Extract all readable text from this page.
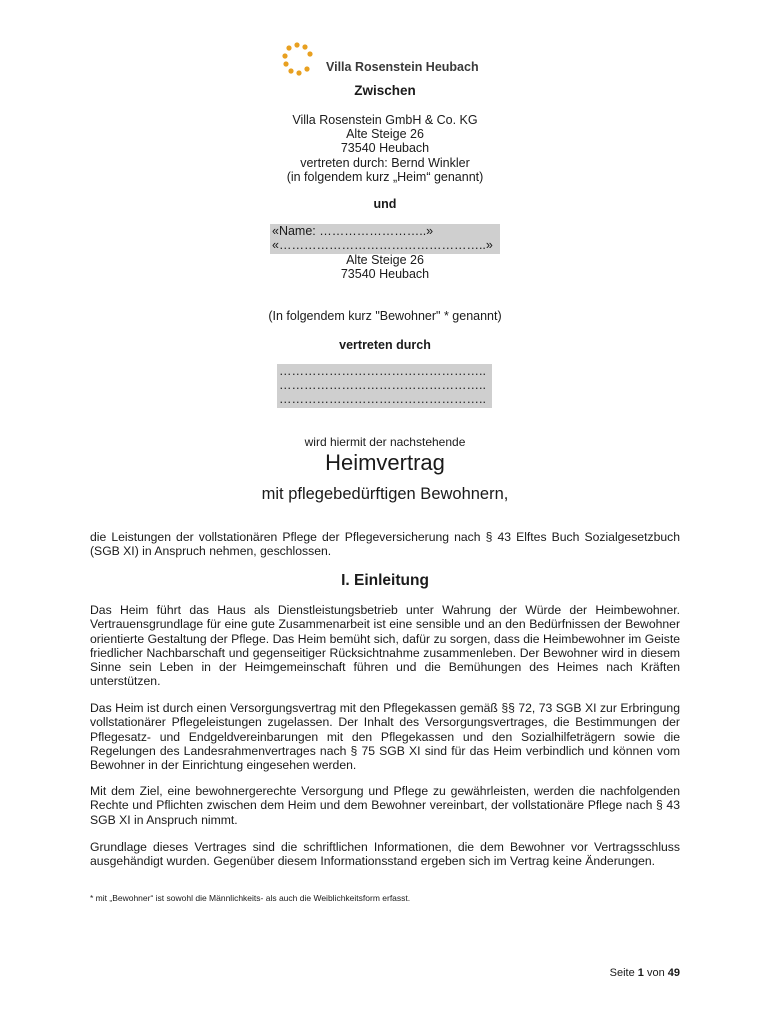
Villa Rosenstein Heubach
Zwischen
Villa Rosenstein GmbH & Co. KG
Alte Steige 26
73540 Heubach
vertreten durch: Bernd Winkler
(in folgendem kurz „Heim“ genannt)
und
«Name: ……………………..»
«…………………………………………..»
Alte Steige 26
73540 Heubach
(In folgendem kurz "Bewohner" * genannt)
vertreten durch
…………………………………………..
…………………………………………..
…………………………………………..
wird hiermit der nachstehende
Heimvertrag
mit pflegebedürftigen Bewohnern,
die Leistungen der vollstationären Pflege der Pflegeversicherung nach § 43 Elftes Buch Sozialgesetzbuch (SGB XI) in Anspruch nehmen, geschlossen.
I. Einleitung
Das Heim führt das Haus als Dienstleistungsbetrieb unter Wahrung der Würde der Heimbewohner. Vertrauensgrundlage für eine gute Zusammenarbeit ist eine sensible und an den Bedürfnissen der Bewohner orientierte Gestaltung der Pflege. Das Heim bemüht sich, dafür zu sorgen, dass die Heimbewohner im Geiste friedlicher Nachbarschaft und gegenseitiger Rücksichtnahme zusammenleben. Der Bewohner wird in diesem Sinne sein Leben in der Heimgemeinschaft führen und die Bemühungen des Heimes nach Kräften unterstützen.
Das Heim ist durch einen Versorgungsvertrag mit den Pflegekassen gemäß §§ 72, 73 SGB XI zur Erbringung vollstationärer Pflegeleistungen zugelassen. Der Inhalt des Versorgungsvertrages, die Bestimmungen der Pflegesatz- und Endgeldvereinbarungen mit den Pflegekassen und den Sozialhilfeträgern sowie die Regelungen des Landesrahmenvertrages nach § 75 SGB XI sind für das Heim verbindlich und können vom Bewohner in der Einrichtung eingesehen werden.
Mit dem Ziel, eine bewohnergerechte Versorgung und Pflege zu gewährleisten, werden die nachfolgenden Rechte und Pflichten zwischen dem Heim und dem Bewohner vereinbart, der vollstationäre Pflege nach § 43 SGB XI in Anspruch nimmt.
Grundlage dieses Vertrages sind die schriftlichen Informationen, die dem Bewohner vor Vertragsschluss ausgehändigt wurden. Gegenüber diesem Informationsstand ergeben sich im Vertrag keine Änderungen.
* mit „Bewohner“ ist sowohl die Männlichkeits- als auch die Weiblichkeitsform erfasst.
Seite 1 von 49
